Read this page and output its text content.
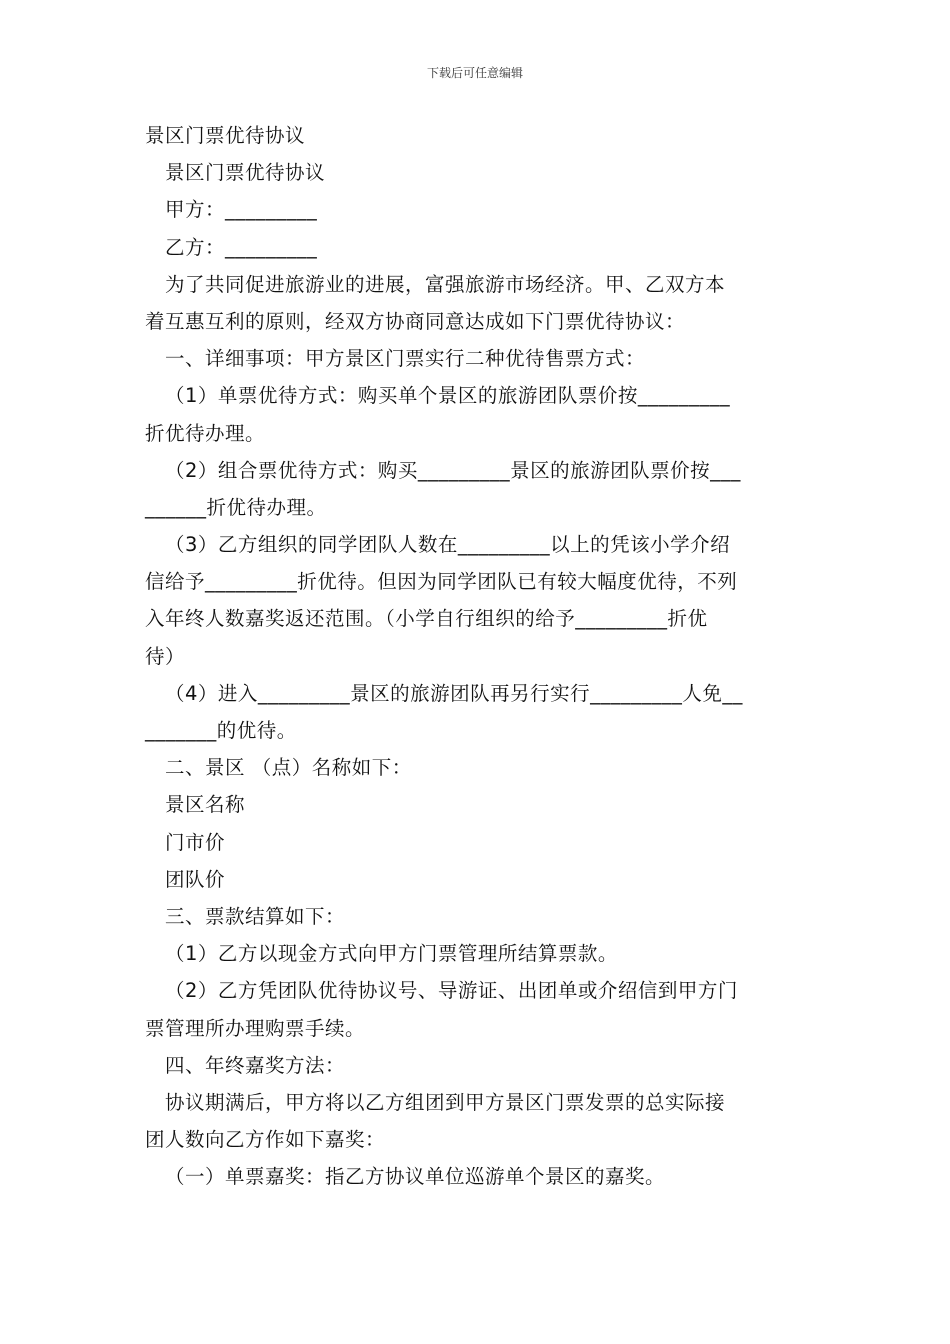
下载后可任意编辑
景区门票优待协议
景区门票优待协议
甲方：_________
乙方：_________
为了共同促进旅游业的进展，富强旅游市场经济。甲、乙双方本
着互惠互利的原则，经双方协商同意达成如下门票优待协议：
一、详细事项：甲方景区门票实行二种优待售票方式：
（1）单票优待方式：购买单个景区的旅游团队票价按_________
折优待办理。
（2）组合票优待方式：购买_________景区的旅游团队票价按___
______折优待办理。
（3）乙方组织的同学团队人数在_________以上的凭该小学介绍
信给予_________折优待。但因为同学团队已有较大幅度优待，不列
入年终人数嘉奖返还范围。（小学自行组织的给予_________折优
待）
（4）进入_________景区的旅游团队再另行实行_________人免__
_______的优待。
二、景区 （点）名称如下：
景区名称
门市价
团队价
三、票款结算如下：
（1）乙方以现金方式向甲方门票管理所结算票款。
（2）乙方凭团队优待协议号、导游证、出团单或介绍信到甲方门
票管理所办理购票手续。
四、年终嘉奖方法：
协议期满后，甲方将以乙方组团到甲方景区门票发票的总实际接
团人数向乙方作如下嘉奖：
（一）单票嘉奖：指乙方协议单位巡游单个景区的嘉奖。
